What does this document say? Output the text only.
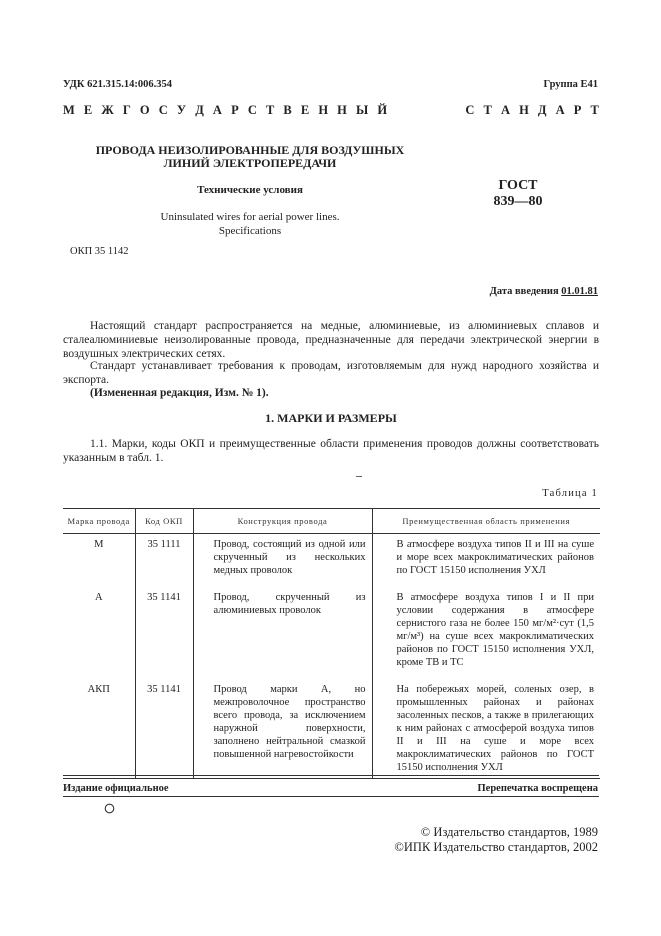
УДК 621.315.14:006.354	Группа Е41
М Е Ж Г О С У Д А Р С Т В Е Н Н Ы Й	С Т А Н Д А Р Т
ПРОВОДА НЕИЗОЛИРОВАННЫЕ ДЛЯ ВОЗДУШНЫХ
ЛИНИЙ ЭЛЕКТРОПЕРЕДАЧИ
Технические условия
Uninsulated wires for aerial power lines.
Specifications
ГОСТ
839—80
ОКП 35 1142
Дата введения 01.01.81

Настоящий стандарт распространяется на медные, алюминиевые, из алюминиевых сплавов и сталеалюминиевые неизолированные провода, предназначенные для передачи электрической энергии в воздушных электрических сетях.

Стандарт устанавливает требования к проводам, изготовляемым для нужд народного хозяйства и экспорта.

(Измененная редакция, Изм. № 1).

1. МАРКИ И РАЗМЕРЫ

1.1. Марки, коды ОКП и преимущественные области применения проводов должны соответствовать указанным в табл. 1.

Таблица 1
Марка провода	Код ОКП	Конструкция провода	Преимущественная область применения
М	35 1111	Провод, состоящий из одной или скрученный из нескольких медных проволок	В атмосфере воздуха типов II и III на суше и море всех макроклиматических районов по ГОСТ 15150 исполнения УХЛ
А	35 1141	Провод, скрученный из алюминиевых проволок	В атмосфере воздуха типов I и II при условии содержания в атмосфере сернистого газа не более 150 мг/м²·сут (1,5 мг/м³) на суше всех макроклиматических районов по ГОСТ 15150 исполнения УХЛ, кроме ТВ и ТС
АКП	35 1141	Провод марки А, но межпроволочное пространство всего провода, за исключением наружной поверхности, заполнено нейтральной смазкой повышенной нагревостойкости	На побережьях морей, соленых озер, в промышленных районах и районах засоленных песков, а также в прилегающих к ним районах с атмосферой воздуха типов II и III на суше и море всех макроклиматических районов по ГОСТ 15150 исполнения УХЛ
Издание официальное	Перепечатка воспрещена
© Издательство стандартов, 1989
©ИПК Издательство стандартов, 2002
